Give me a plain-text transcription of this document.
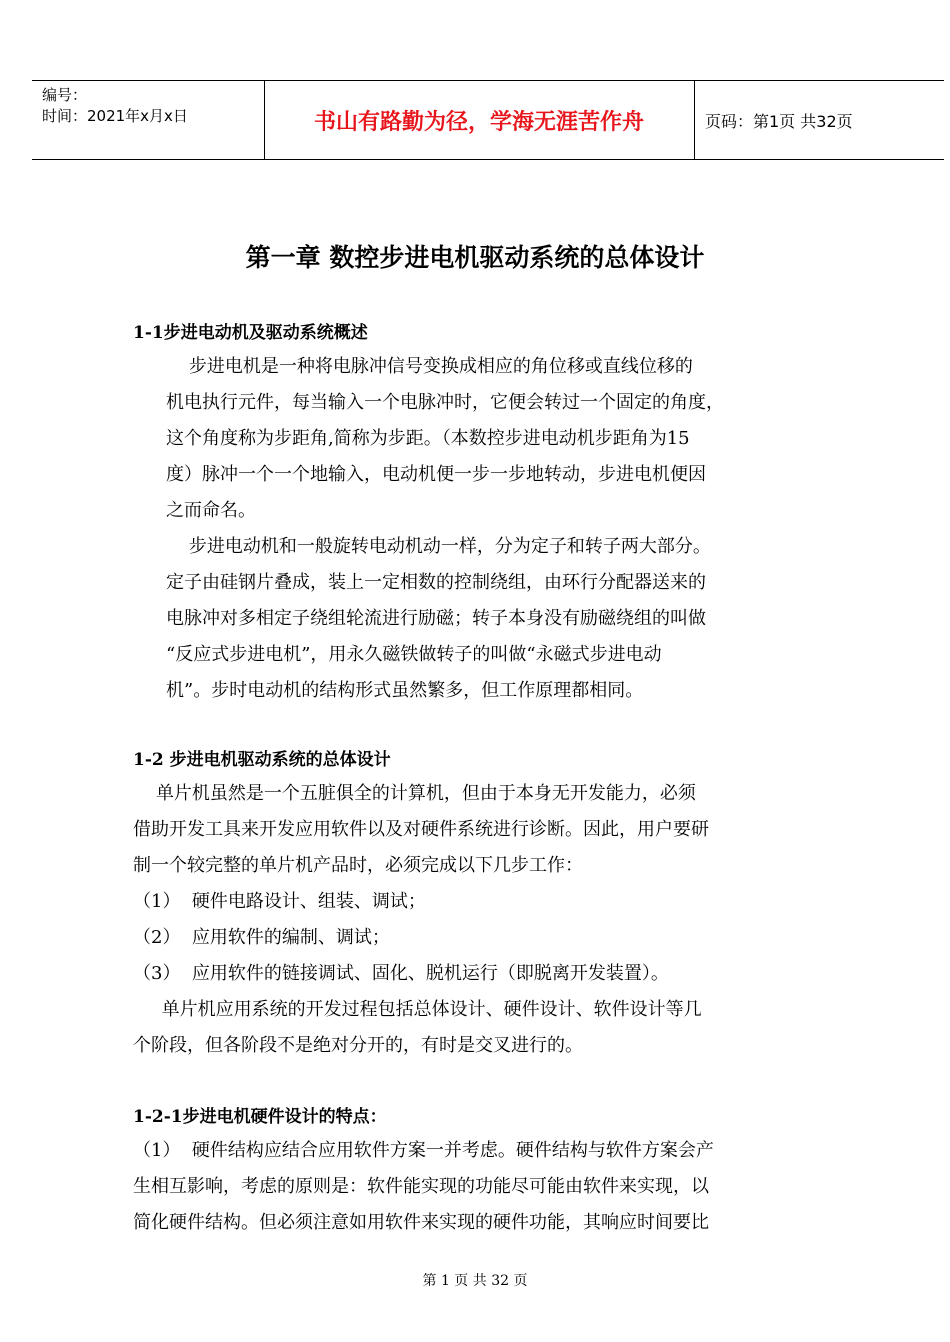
编号：
时间：2021年x月x日	书山有路勤为径，学海无涯苦作舟	页码：第1页 共32页
第一章 数控步进电机驱动系统的总体设计
1-1步进电动机及驱动系统概述
步进电机是一种将电脉冲信号变换成相应的角位移或直线位移的
机电执行元件，每当输入一个电脉冲时，它便会转过一个固定的角度，
这个角度称为步距角,简称为步距。（本数控步进电动机步距角为15
度）脉冲一个一个地输入，电动机便一步一步地转动，步进电机便因
之而命名。
步进电动机和一般旋转电动机动一样，分为定子和转子两大部分。
定子由硅钢片叠成，装上一定相数的控制绕组，由环行分配器送来的
电脉冲对多相定子绕组轮流进行励磁；转子本身没有励磁绕组的叫做
“反应式步进电机”，用永久磁铁做转子的叫做“永磁式步进电动
机”。步时电动机的结构形式虽然繁多，但工作原理都相同。
1-2 步进电机驱动系统的总体设计
单片机虽然是一个五脏俱全的计算机，但由于本身无开发能力，必须
借助开发工具来开发应用软件以及对硬件系统进行诊断。因此，用户要研
制一个较完整的单片机产品时，必须完成以下几步工作：
（1）  硬件电路设计、组装、调试；
（2）  应用软件的编制、调试；
（3）  应用软件的链接调试、固化、脱机运行（即脱离开发装置）。
单片机应用系统的开发过程包括总体设计、硬件设计、软件设计等几
个阶段，但各阶段不是绝对分开的，有时是交叉进行的。
1-2-1步进电机硬件设计的特点：
（1）  硬件结构应结合应用软件方案一并考虑。硬件结构与软件方案会产
生相互影响，考虑的原则是：软件能实现的功能尽可能由软件来实现，以
简化硬件结构。但必须注意如用软件来实现的硬件功能，其响应时间要比
第 1 页 共 32 页
